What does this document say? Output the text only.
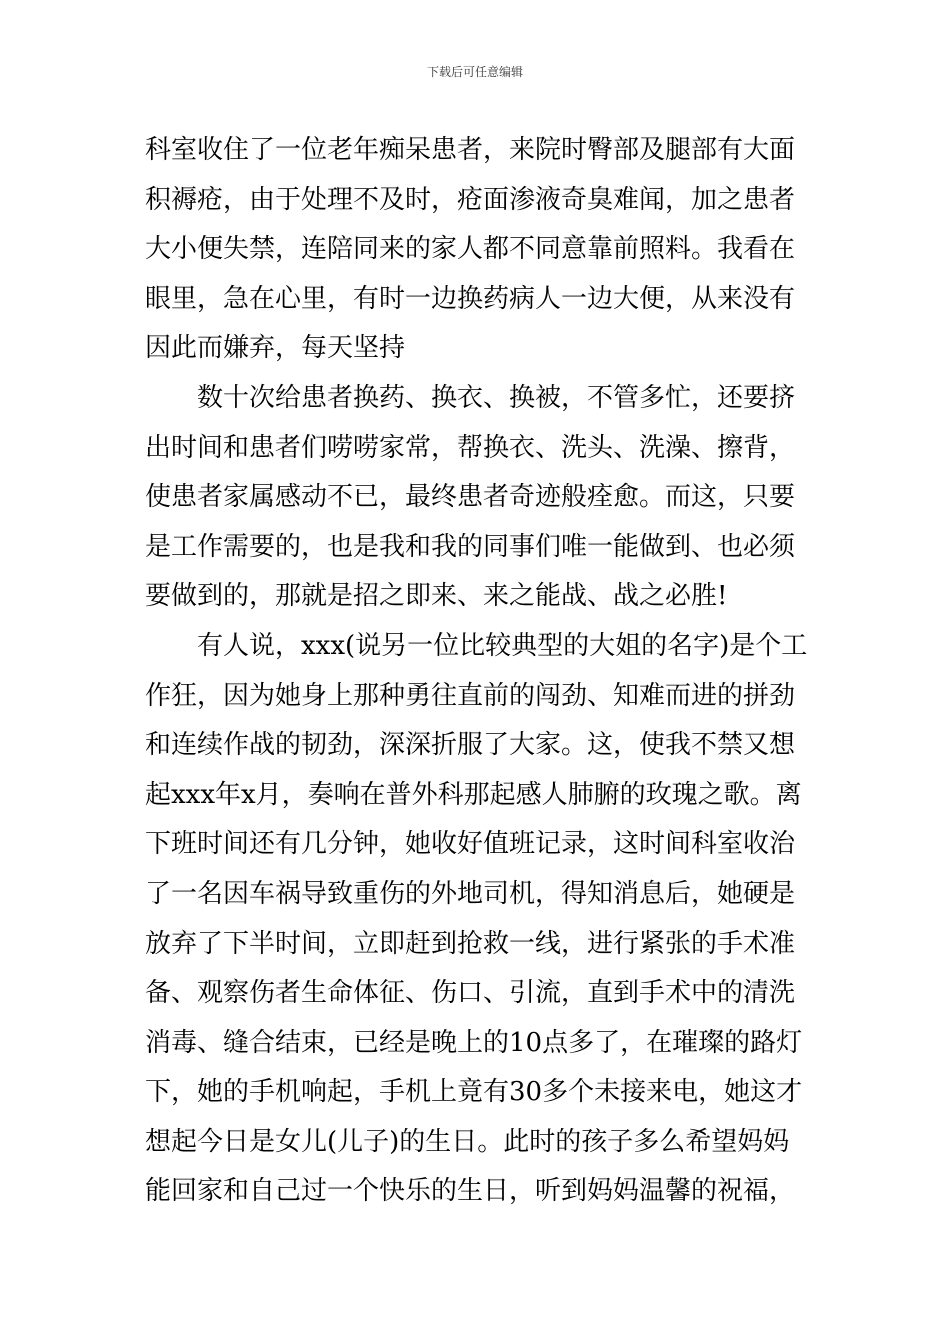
下载后可任意编辑
科室收住了一位老年痴呆患者，来院时臀部及腿部有大面
积褥疮，由于处理不及时，疮面渗液奇臭难闻，加之患者
大小便失禁，连陪同来的家人都不同意靠前照料。我看在
眼里，急在心里，有时一边换药病人一边大便，从来没有
因此而嫌弃，每天坚持
数十次给患者换药、换衣、换被，不管多忙，还要挤
出时间和患者们唠唠家常，帮换衣、洗头、洗澡、擦背，
使患者家属感动不已，最终患者奇迹般痊愈。而这，只要
是工作需要的，也是我和我的同事们唯一能做到、也必须
要做到的，那就是招之即来、来之能战、战之必胜!
有人说，xxx(说另一位比较典型的大姐的名字)是个工
作狂，因为她身上那种勇往直前的闯劲、知难而进的拼劲
和连续作战的韧劲，深深折服了大家。这，使我不禁又想
起xxx年x月，奏响在普外科那起感人肺腑的玫瑰之歌。离
下班时间还有几分钟，她收好值班记录，这时间科室收治
了一名因车祸导致重伤的外地司机，得知消息后，她硬是
放弃了下半时间，立即赶到抢救一线，进行紧张的手术准
备、观察伤者生命体征、伤口、引流，直到手术中的清洗
消毒、缝合结束，已经是晚上的10点多了，在璀璨的路灯
下，她的手机响起，手机上竟有30多个未接来电，她这才
想起今日是女儿(儿子)的生日。此时的孩子多么希望妈妈
能回家和自己过一个快乐的生日，听到妈妈温馨的祝福，
